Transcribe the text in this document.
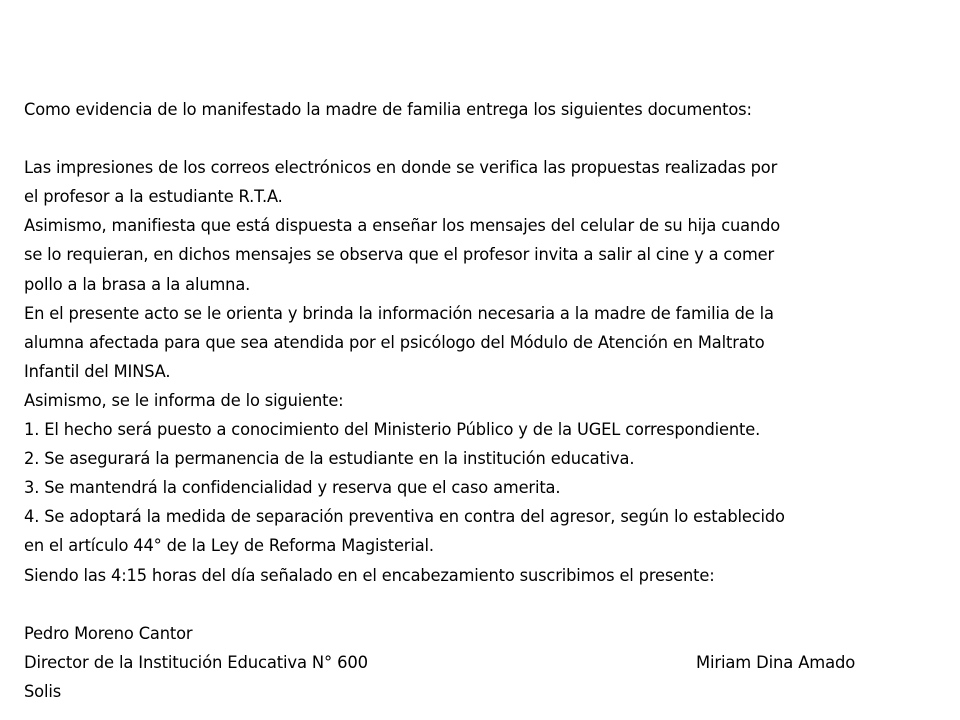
Como evidencia de lo manifestado la madre de familia entrega los siguientes documentos:
Las impresiones de los correos electrónicos en donde se verifica las propuestas realizadas por
el profesor a la estudiante R.T.A.
Asimismo, manifiesta que está dispuesta a enseñar los mensajes del celular de su hija cuando
se lo requieran, en dichos mensajes se observa que el profesor invita a salir al cine y a comer
pollo a la brasa a la alumna.
En el presente acto se le orienta y brinda la información necesaria a la madre de familia de la
alumna afectada para que sea atendida por el psicólogo del Módulo de Atención en Maltrato
Infantil del MINSA.
Asimismo, se le informa de lo siguiente:
1. El hecho será puesto a conocimiento del Ministerio Público y de la UGEL correspondiente.
2. Se asegurará la permanencia de la estudiante en la institución educativa.
3. Se mantendrá la confidencialidad y reserva que el caso amerita.
4. Se adoptará la medida de separación preventiva en contra del agresor, según lo establecido
en el artículo 44° de la Ley de Reforma Magisterial.
Siendo las 4:15 horas del día señalado en el encabezamiento suscribimos el presente:
Pedro Moreno Cantor
Director de la Institución Educativa N° 600	Miriam Dina Amado
Solis
